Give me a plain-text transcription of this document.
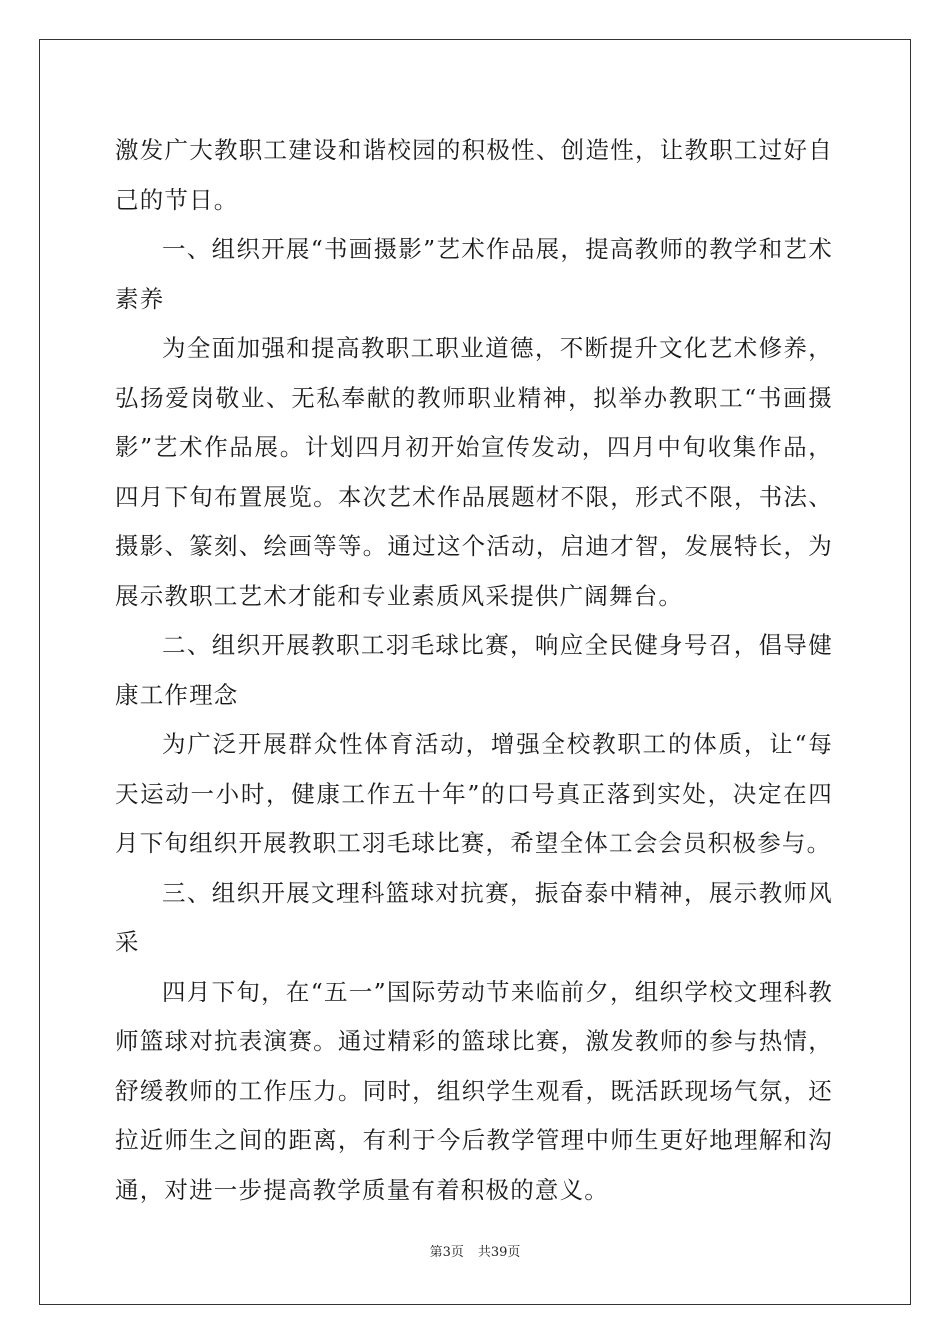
激发广大教职工建设和谐校园的积极性、创造性，让教职工过好自己的节日。

一、组织开展“书画摄影”艺术作品展，提高教师的教学和艺术素养

为全面加强和提高教职工职业道德，不断提升文化艺术修养，弘扬爱岗敬业、无私奉献的教师职业精神，拟举办教职工“书画摄影”艺术作品展。计划四月初开始宣传发动，四月中旬收集作品，四月下旬布置展览。本次艺术作品展题材不限，形式不限，书法、摄影、篆刻、绘画等等。通过这个活动，启迪才智，发展特长，为展示教职工艺术才能和专业素质风采提供广阔舞台。

二、组织开展教职工羽毛球比赛，响应全民健身号召，倡导健康工作理念

为广泛开展群众性体育活动，增强全校教职工的体质，让“每天运动一小时，健康工作五十年”的口号真正落到实处，决定在四月下旬组织开展教职工羽毛球比赛，希望全体工会会员积极参与。

三、组织开展文理科篮球对抗赛，振奋泰中精神，展示教师风采

四月下旬，在“五一”国际劳动节来临前夕，组织学校文理科教师篮球对抗表演赛。通过精彩的篮球比赛，激发教师的参与热情，舒缓教师的工作压力。同时，组织学生观看，既活跃现场气氛，还拉近师生之间的距离，有利于今后教学管理中师生更好地理解和沟通，对进一步提高教学质量有着积极的意义。

第3页 共39页
